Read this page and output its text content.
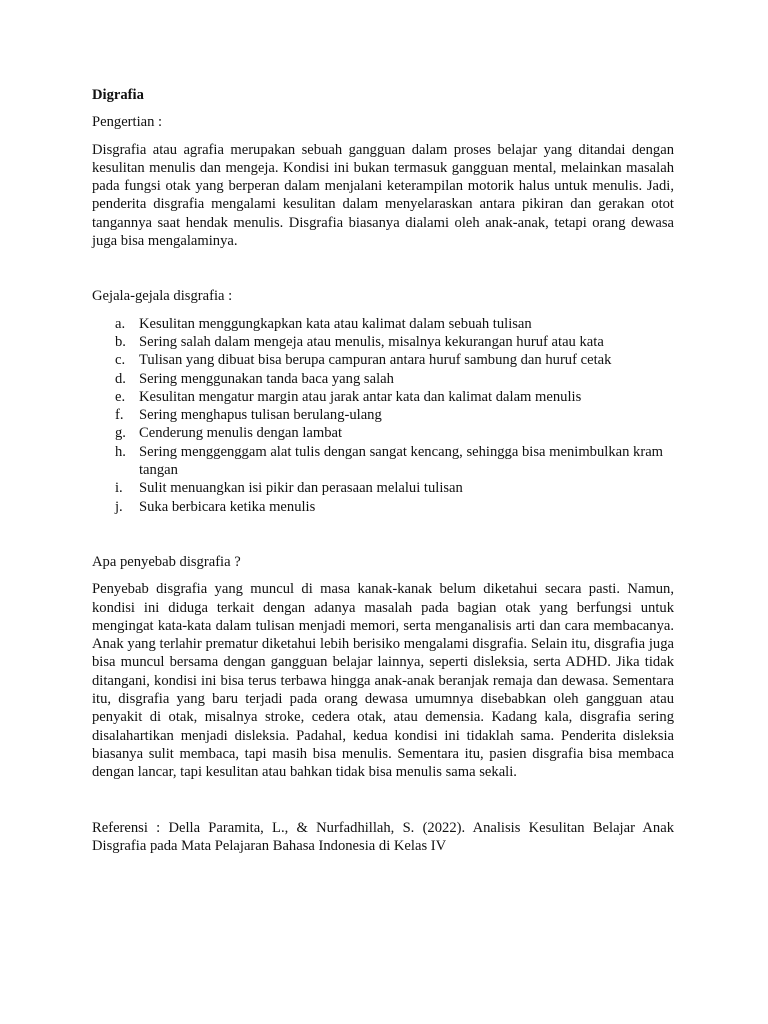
Digrafia

Pengertian :

Disgrafia atau agrafia merupakan sebuah gangguan dalam proses belajar yang ditandai dengan kesulitan menulis dan mengeja. Kondisi ini bukan termasuk gangguan mental, melainkan masalah pada fungsi otak yang berperan dalam menjalani keterampilan motorik halus untuk menulis. Jadi, penderita disgrafia mengalami kesulitan dalam menyelaraskan antara pikiran dan gerakan otot tangannya saat hendak menulis. Disgrafia biasanya dialami oleh anak-anak, tetapi orang dewasa juga bisa mengalaminya.

Gejala-gejala disgrafia :

a. Kesulitan menggungkapkan kata atau kalimat dalam sebuah tulisan
b. Sering salah dalam mengeja atau menulis, misalnya kekurangan huruf atau kata
c. Tulisan yang dibuat bisa berupa campuran antara huruf sambung dan huruf cetak
d. Sering menggunakan tanda baca yang salah
e. Kesulitan mengatur margin atau jarak antar kata dan kalimat dalam menulis
f. Sering menghapus tulisan berulang-ulang
g. Cenderung menulis dengan lambat
h. Sering menggenggam alat tulis dengan sangat kencang, sehingga bisa menimbulkan kram tangan
i. Sulit menuangkan isi pikir dan perasaan melalui tulisan
j. Suka berbicara ketika menulis

Apa penyebab disgrafia ?

Penyebab disgrafia yang muncul di masa kanak-kanak belum diketahui secara pasti. Namun, kondisi ini diduga terkait dengan adanya masalah pada bagian otak yang berfungsi untuk mengingat kata-kata dalam tulisan menjadi memori, serta menganalisis arti dan cara membacanya. Anak yang terlahir prematur diketahui lebih berisiko mengalami disgrafia. Selain itu, disgrafia juga bisa muncul bersama dengan gangguan belajar lainnya, seperti disleksia, serta ADHD. Jika tidak ditangani, kondisi ini bisa terus terbawa hingga anak-anak beranjak remaja dan dewasa. Sementara itu, disgrafia yang baru terjadi pada orang dewasa umumnya disebabkan oleh gangguan atau penyakit di otak, misalnya stroke, cedera otak, atau demensia. Kadang kala, disgrafia sering disalahartikan menjadi disleksia. Padahal, kedua kondisi ini tidaklah sama. Penderita disleksia biasanya sulit membaca, tapi masih bisa menulis. Sementara itu, pasien disgrafia bisa membaca dengan lancar, tapi kesulitan atau bahkan tidak bisa menulis sama sekali.

Referensi : Della Paramita, L., & Nurfadhillah, S. (2022). Analisis Kesulitan Belajar Anak Disgrafia pada Mata Pelajaran Bahasa Indonesia di Kelas IV
